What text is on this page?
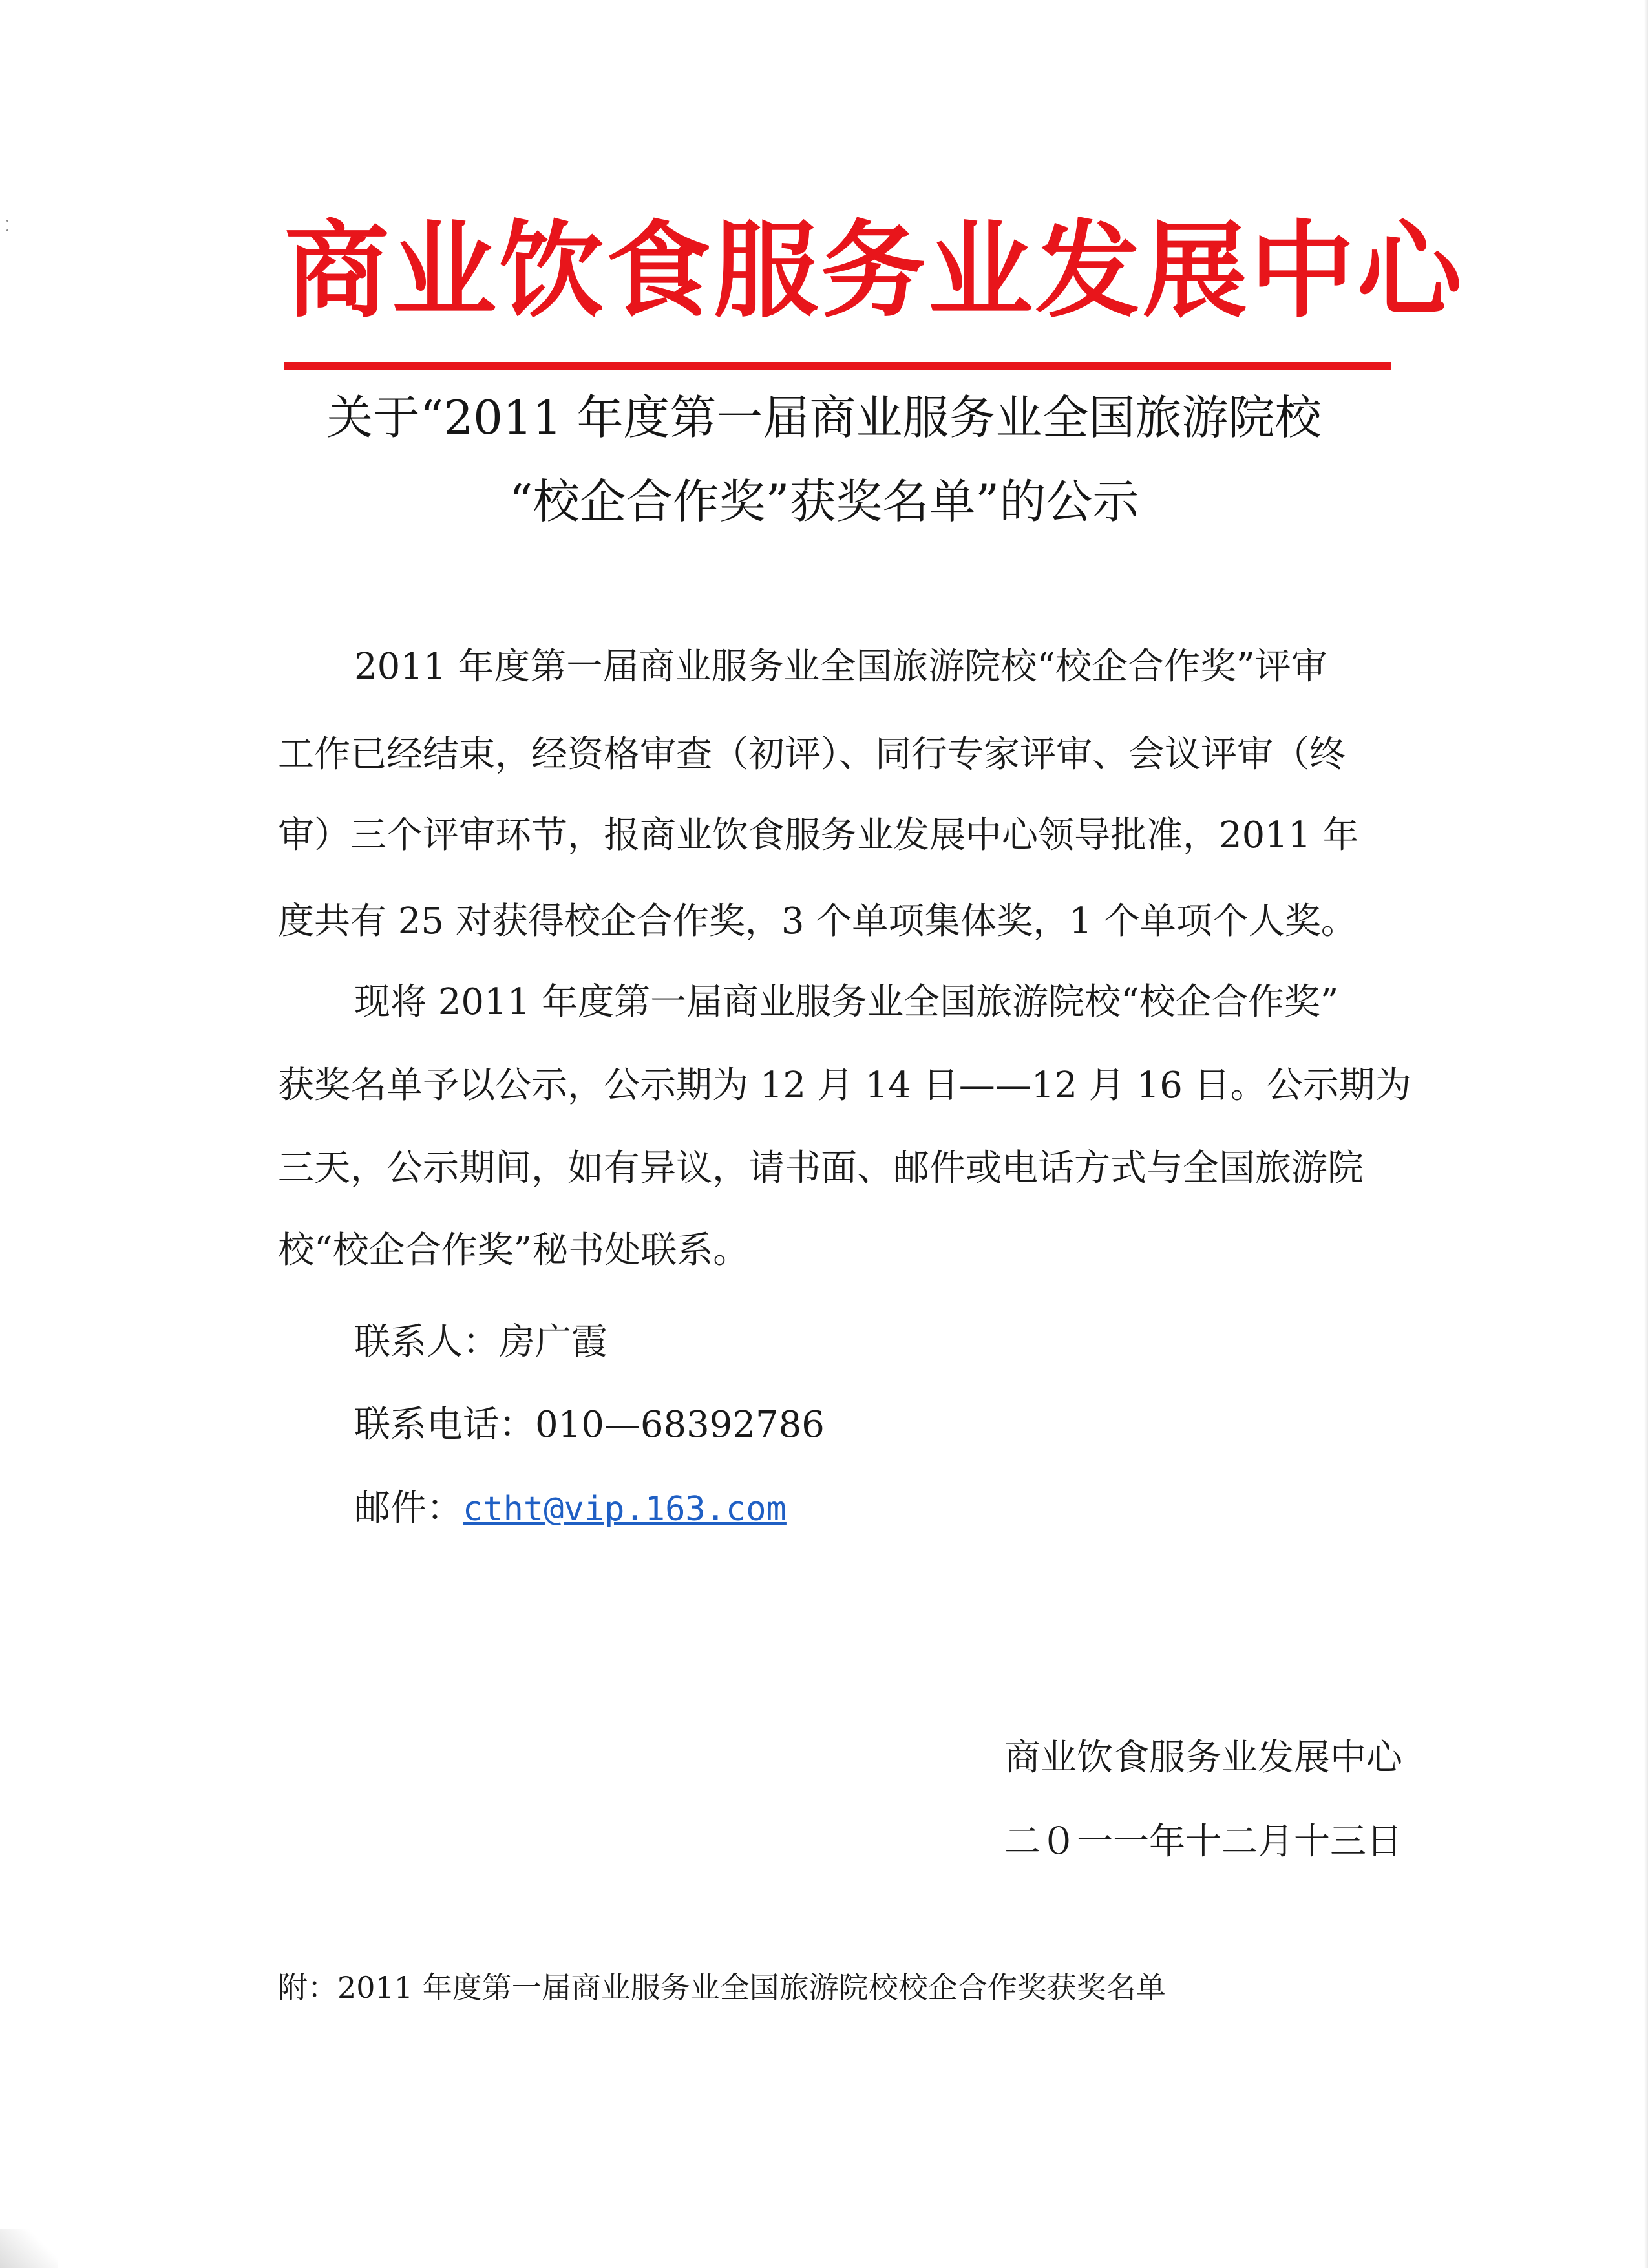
商业饮食服务业发展中心
关于“2011 年度第一届商业服务业全国旅游院校
“校企合作奖”获奖名单”的公示
2011 年度第一届商业服务业全国旅游院校“校企合作奖”评审
工作已经结束，经资格审查（初评）、同行专家评审、会议评审（终
审）三个评审环节，报商业饮食服务业发展中心领导批准，2011 年
度共有 25 对获得校企合作奖，3 个单项集体奖，1 个单项个人奖。
现将 2011 年度第一届商业服务业全国旅游院校“校企合作奖”
获奖名单予以公示，公示期为 12 月 14 日——12 月 16 日。公示期为
三天，公示期间，如有异议，请书面、邮件或电话方式与全国旅游院
校“校企合作奖”秘书处联系。
联系人：房广霞
联系电话：010—68392786
邮件：ctht@vip.163.com
商业饮食服务业发展中心
二０一一年十二月十三日
附：2011 年度第一届商业服务业全国旅游院校校企合作奖获奖名单
